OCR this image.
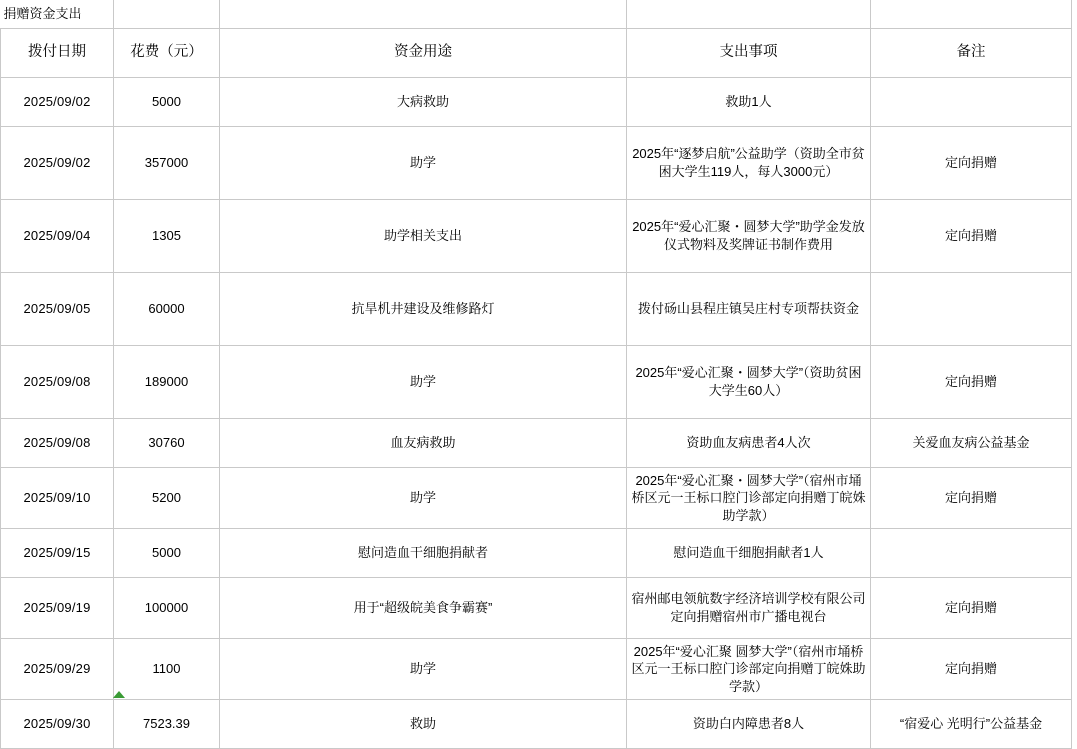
捐赠资金支出				
拨付日期	花费（元）	资金用途	支出事项	备注
2025/09/02	5000	大病救助	救助1人	
2025/09/02	357000	助学	2025年“逐梦启航”公益助学（资助全市贫困大学生119人，每人3000元）	定向捐赠
2025/09/04	1305	助学相关支出	2025年“爱心汇聚・圆梦大学”助学金发放仪式物料及奖牌证书制作费用	定向捐赠
2025/09/05	60000	抗旱机井建设及维修路灯	拨付砀山县程庄镇吴庄村专项帮扶资金	
2025/09/08	189000	助学	2025年“爱心汇聚・圆梦大学”（资助贫困大学生60人）	定向捐赠
2025/09/08	30760	血友病救助	资助血友病患者4人次	关爱血友病公益基金
2025/09/10	5200	助学	2025年“爱心汇聚・圆梦大学”（宿州市埇桥区元一王标口腔门诊部定向捐赠丁皖姝助学款）	定向捐赠
2025/09/15	5000	慰问造血干细胞捐献者	慰问造血干细胞捐献者1人	
2025/09/19	100000	用于“超级皖美食争霸赛”	宿州邮电领航数字经济培训学校有限公司定向捐赠宿州市广播电视台	定向捐赠
2025/09/29	1100	助学	2025年“爱心汇聚 圆梦大学”（宿州市埇桥区元一王标口腔门诊部定向捐赠丁皖姝助学款）	定向捐赠
2025/09/30	7523.39	救助	资助白内障患者8人	“宿爱心 光明行”公益基金
